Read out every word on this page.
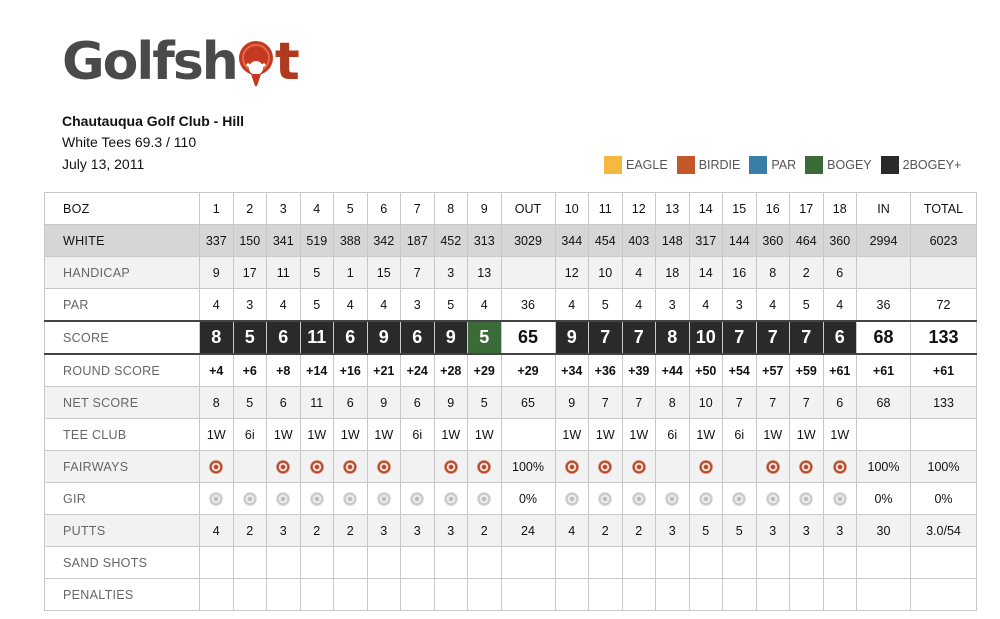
Golfsh t
Chautauqua Golf Club - Hill
White Tees 69.3 / 110
July 13, 2011	EAGLE BIRDIE PAR BOGEY 2BOGEY+
BOZ	1	2	3	4	5	6	7	8	9	OUT	10	11	12	13	14	15	16	17	18	IN	TOTAL
WHITE	337	150	341	519	388	342	187	452	313	3029	344	454	403	148	317	144	360	464	360	2994	6023
HANDICAP	9	17	11	5	1	15	7	3	13		12	10	4	18	14	16	8	2	6		
PAR	4	3	4	5	4	4	3	5	4	36	4	5	4	3	4	3	4	5	4	36	72
SCORE	8	5	6	11	6	9	6	9	5	65	9	7	7	8	10	7	7	7	6	68	133
ROUND SCORE	+4	+6	+8	+14	+16	+21	+24	+28	+29	+29	+34	+36	+39	+44	+50	+54	+57	+59	+61	+61	+61
NET SCORE	8	5	6	11	6	9	6	9	5	65	9	7	7	8	10	7	7	7	6	68	133
TEE CLUB	1W	6i	1W	1W	1W	1W	6i	1W	1W		1W	1W	1W	6i	1W	6i	1W	1W	1W		
FAIRWAYS										100%										100%	100%
GIR										0%										0%	0%
PUTTS	4	2	3	2	2	3	3	3	2	24	4	2	2	3	5	5	3	3	3	30	3.0/54
SAND SHOTS																					
PENALTIES																					
